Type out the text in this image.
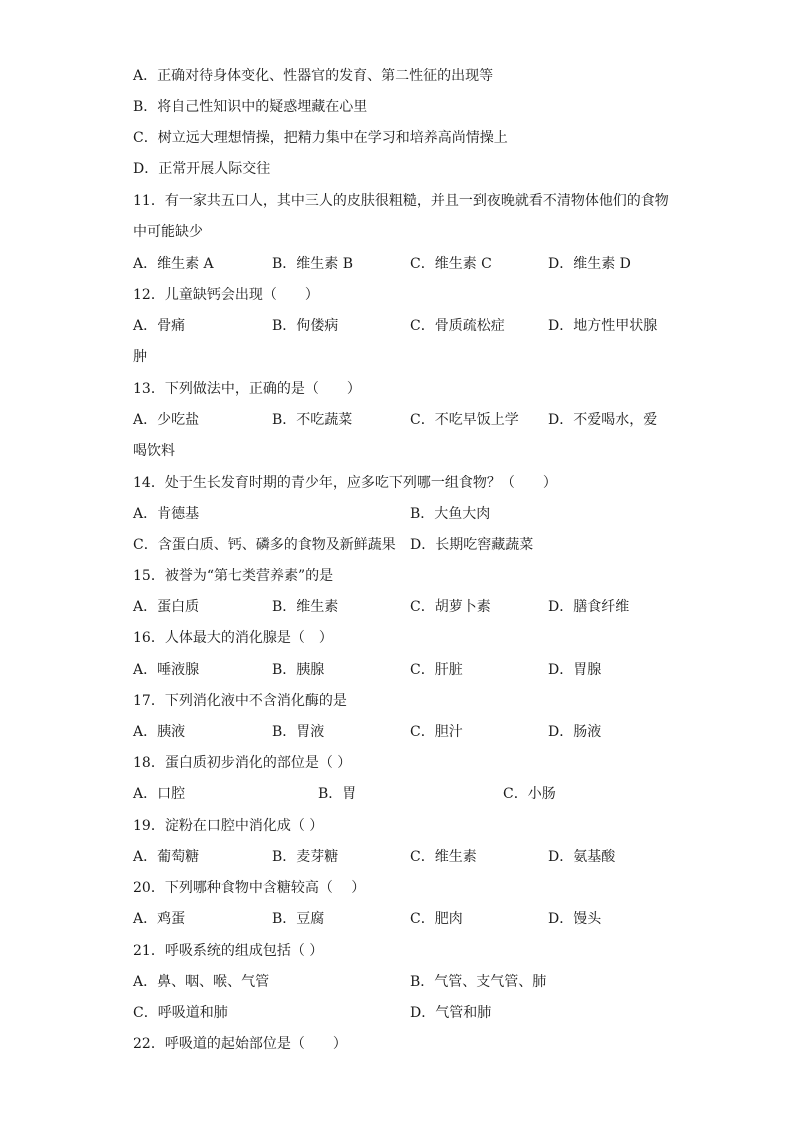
A．正确对待身体变化、性器官的发育、第二性征的出现等
B．将自己性知识中的疑惑埋藏在心里
C．树立远大理想情操，把精力集中在学习和培养高尚情操上
D．正常开展人际交往
11．有一家共五口人，其中三人的皮肤很粗糙，并且一到夜晚就看不清物体他们的食物
中可能缺少
A．维生素 A	B．维生素 B	C．维生素 C	D．维生素 D
12．儿童缺钙会出现（　　）
A．骨痛	B．佝偻病	C．骨质疏松症	D．地方性甲状腺
肿
13．下列做法中，正确的是（　　）
A．少吃盐	B．不吃蔬菜	C．不吃早饭上学 D．不爱喝水，爱
喝饮料
14．处于生长发育时期的青少年，应多吃下列哪一组食物？（　　）
A．肯德基	B．大鱼大肉
C．含蛋白质、钙、磷多的食物及新鲜蔬果 D．长期吃窖藏蔬菜
15．被誉为“第七类营养素”的是
A．蛋白质	B．维生素	C．胡萝卜素	D．膳食纤维
16．人体最大的消化腺是（　）
A．唾液腺	B．胰腺	C．肝脏	D．胃腺
17．下列消化液中不含消化酶的是
A．胰液	B．胃液	C．胆汁	D．肠液
18．蛋白质初步消化的部位是（ ）
A．口腔	B．胃	C．小肠
19．淀粉在口腔中消化成（ ）
A．葡萄糖	B．麦芽糖	C．维生素	D．氨基酸
20．下列哪种食物中含糖较高（　 ）
A．鸡蛋	B．豆腐	C．肥肉	D．馒头
21．呼吸系统的组成包括（ ）
A．鼻、咽、喉、气管	B．气管、支气管、肺
C．呼吸道和肺	D．气管和肺
22．呼吸道的起始部位是（　　）
